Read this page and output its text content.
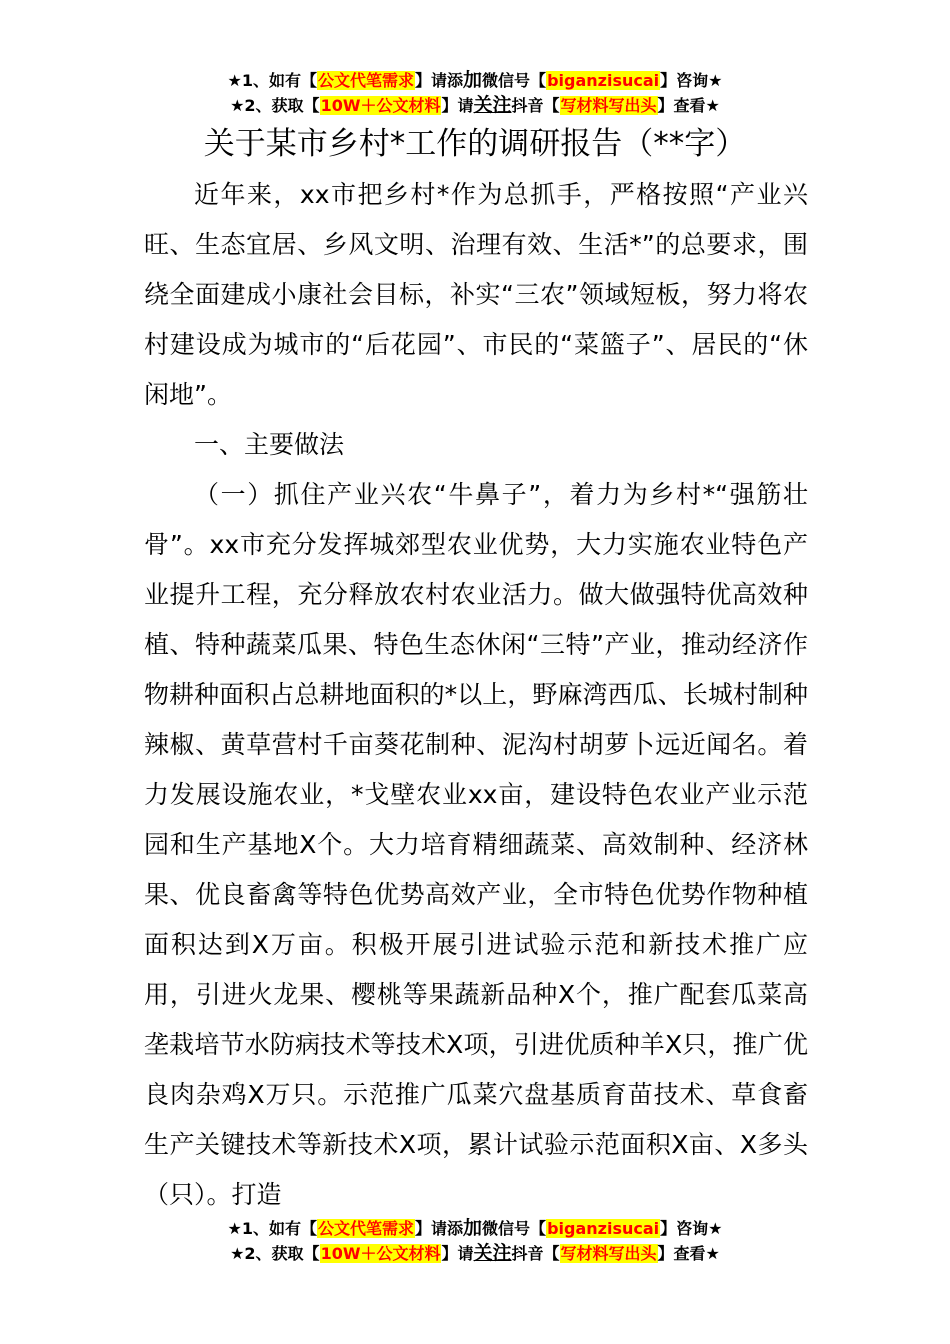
★1、如有【公文代笔需求】请添加微信号【biganzisucai】咨询★
★2、获取【10W＋公文材料】请关注抖音【写材料写出头】查看★
关于某市乡村*工作的调研报告（**字）

近年来，xx市把乡村*作为总抓手，严格按照“产业兴旺、生态宜居、乡风文明、治理有效、生活*”的总要求，围绕全面建成小康社会目标，补实“三农”领域短板，努力将农村建设成为城市的“后花园”、市民的“菜篮子”、居民的“休闲地”。

一、主要做法

（一）抓住产业兴农“牛鼻子”，着力为乡村*“强筋壮骨”。xx市充分发挥城郊型农业优势，大力实施农业特色产业提升工程，充分释放农村农业活力。做大做强特优高效种植、特种蔬菜瓜果、特色生态休闲“三特”产业，推动经济作物耕种面积占总耕地面积的*以上，野麻湾西瓜、长城村制种辣椒、黄草营村千亩葵花制种、泥沟村胡萝卜远近闻名。着力发展设施农业，*戈壁农业xx亩，建设特色农业产业示范园和生产基地X个。大力培育精细蔬菜、高效制种、经济林果、优良畜禽等特色优势高效产业，全市特色优势作物种植面积达到X万亩。积极开展引进试验示范和新技术推广应用，引进火龙果、樱桃等果蔬新品种X个，推广配套瓜菜高垄栽培节水防病技术等技术X项，引进优质种羊X只，推广优良肉杂鸡X万只。示范推广瓜菜穴盘基质育苗技术、草食畜生产关键技术等新技术X项，累计试验示范面积X亩、X多头（只）。打造

★1、如有【公文代笔需求】请添加微信号【biganzisucai】咨询★
★2、获取【10W＋公文材料】请关注抖音【写材料写出头】查看★
